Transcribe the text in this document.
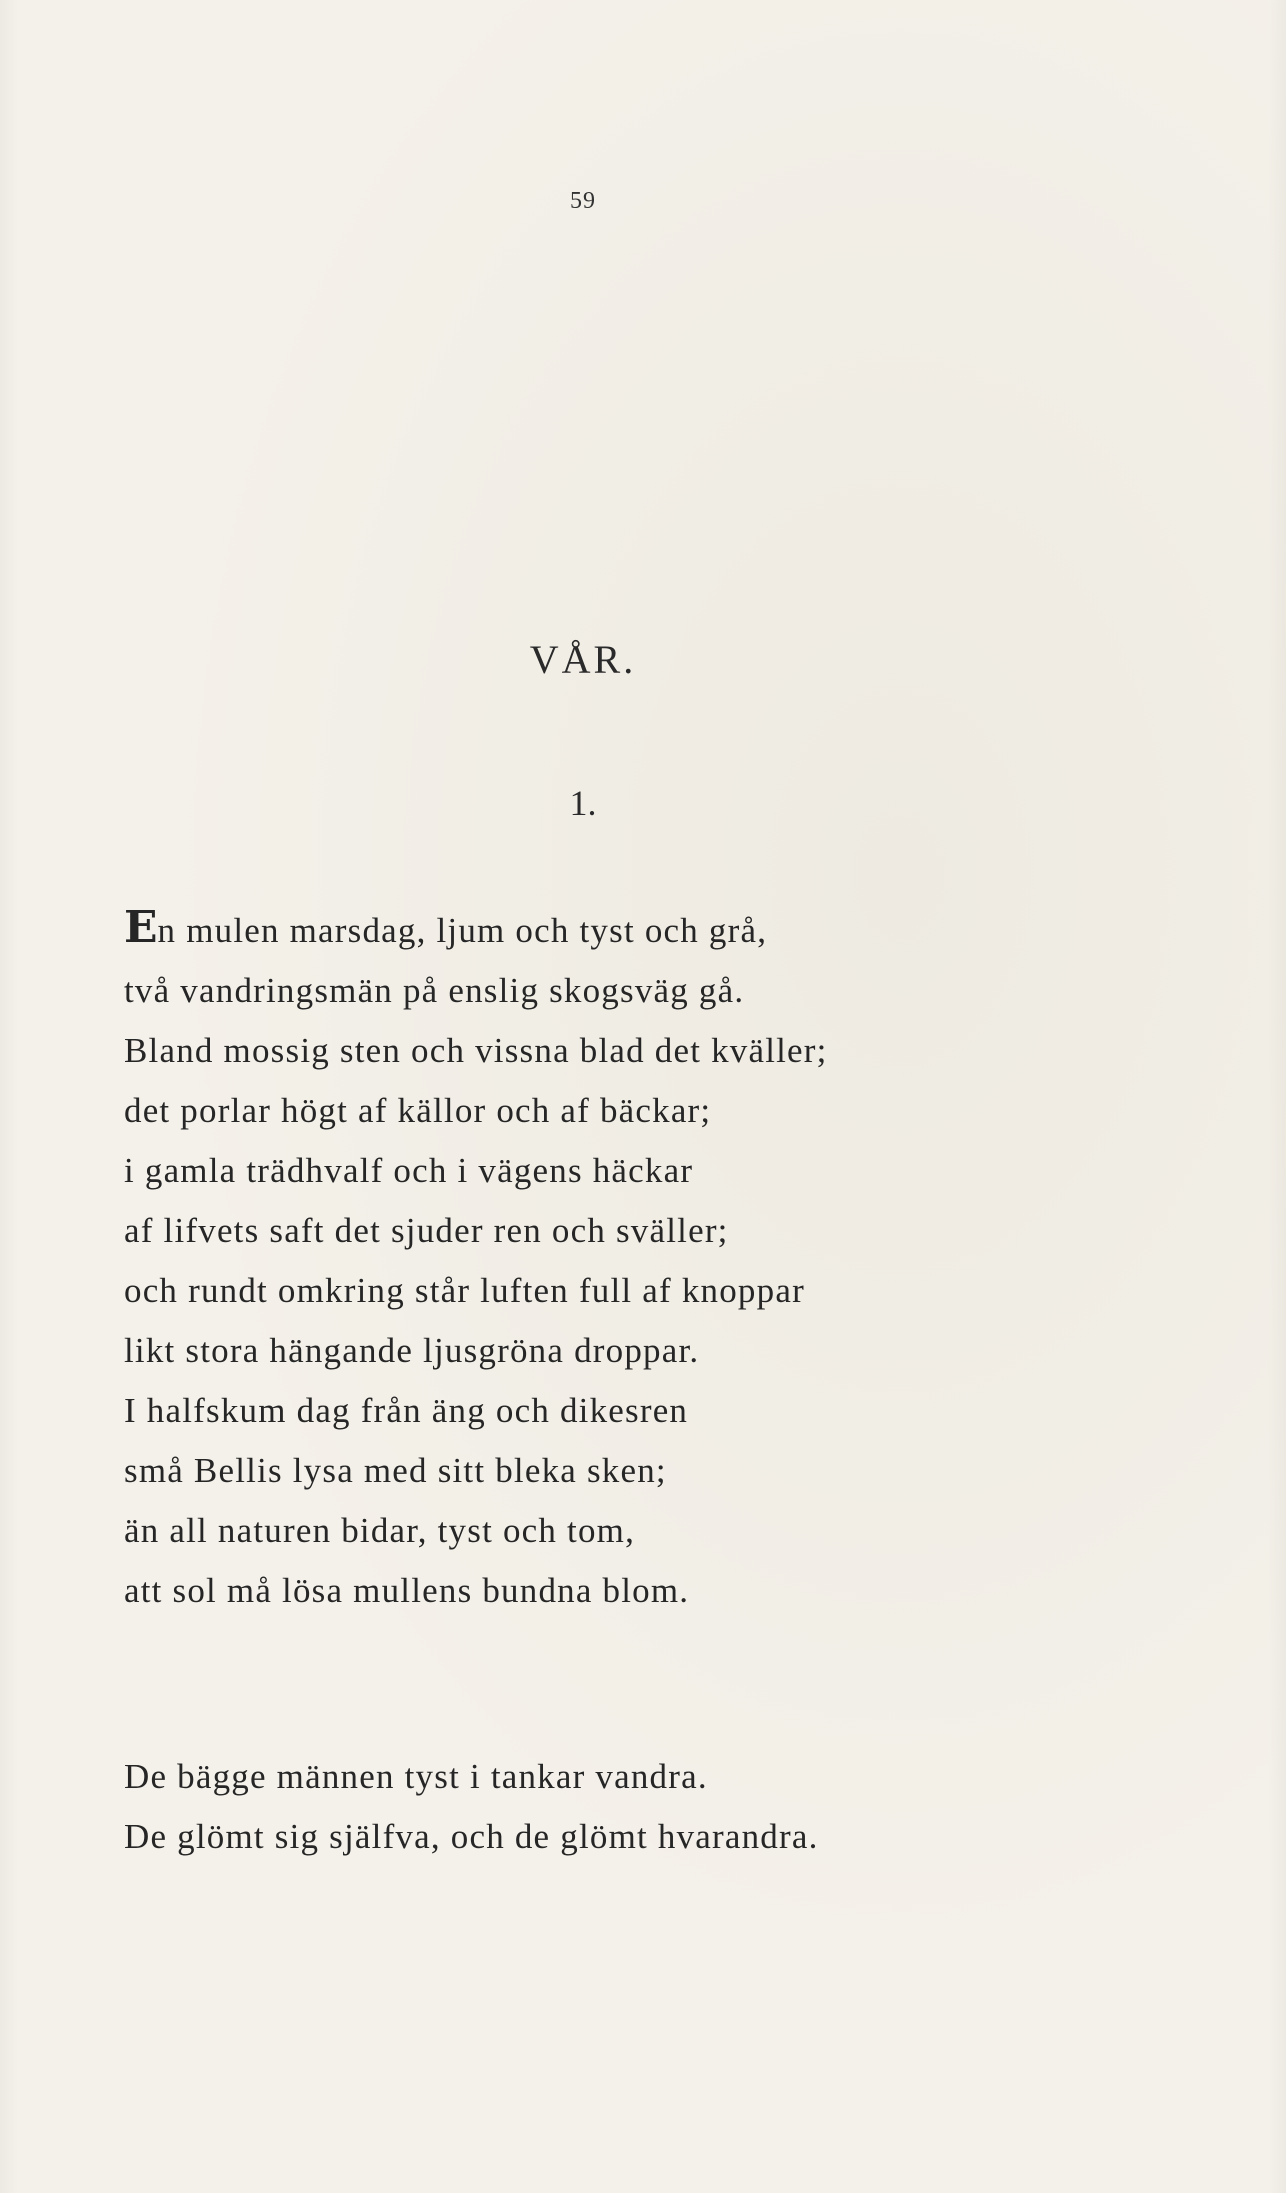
59
VÅR.
1.
En mulen marsdag, ljum och tyst och grå,
två vandringsmän på enslig skogsväg gå.
Bland mossig sten och vissna blad det kväller;
det porlar högt af källor och af bäckar;
i gamla trädhvalf och i vägens häckar
af lifvets saft det sjuder ren och sväller;
och rundt omkring står luften full af knoppar
likt stora hängande ljusgröna droppar.
I halfskum dag från äng och dikesren
små Bellis lysa med sitt bleka sken;
än all naturen bidar, tyst och tom,
att sol må lösa mullens bundna blom.
De bägge männen tyst i tankar vandra.
De glömt sig själfva, och de glömt hvarandra.
